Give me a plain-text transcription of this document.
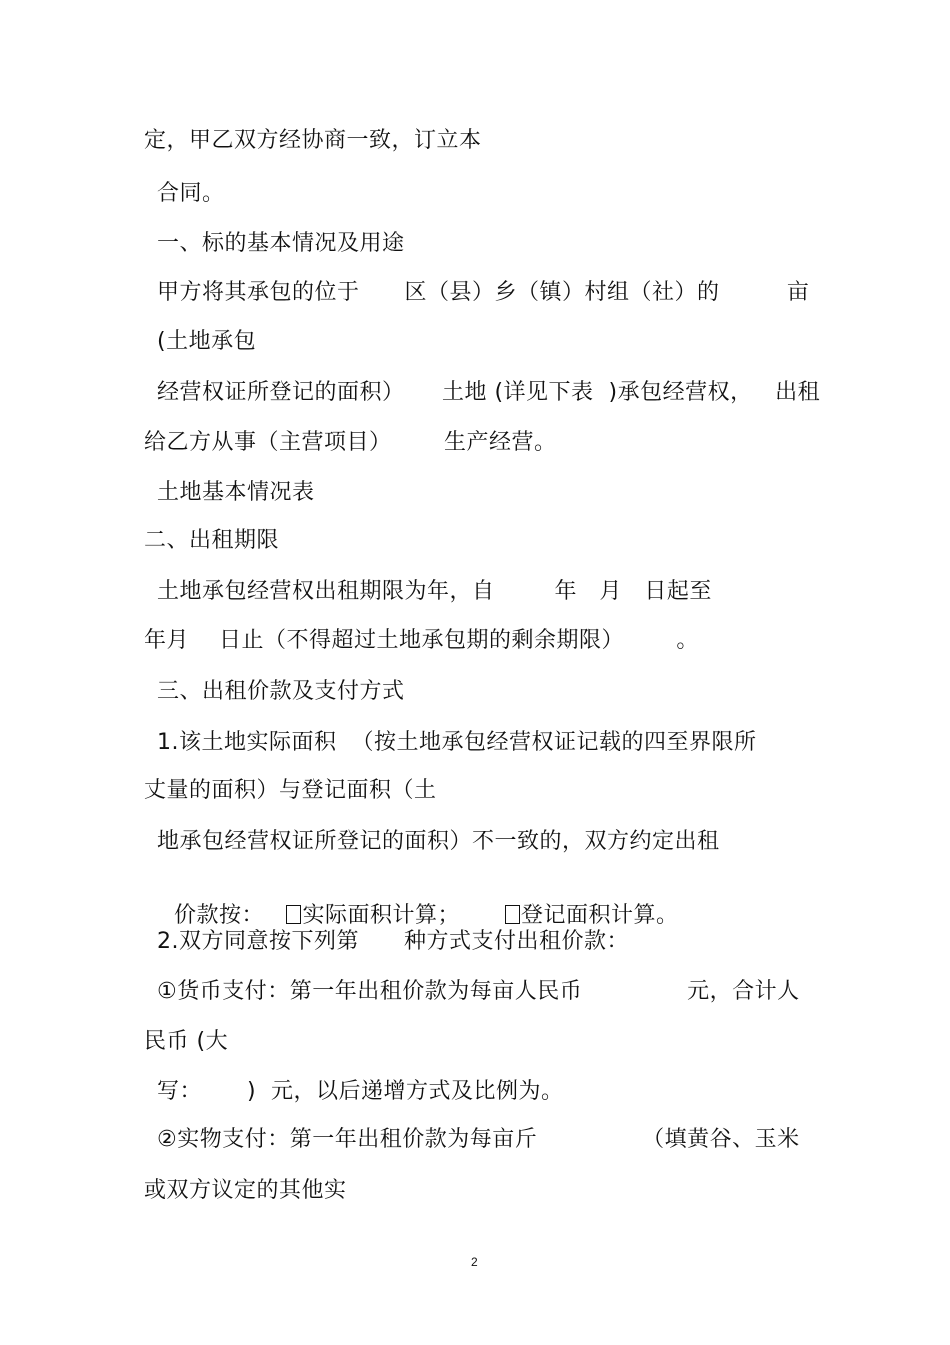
定，甲乙双方经协商一致，订立本
合同。
一、标的基本情况及用途
甲方将其承包的位于      区（县）乡（镇）村组（社）的         亩
(土地承包
经营权证所登记的面积）     土地 (详见下表  )承包经营权，   出租
给乙方从事（主营项目）       生产经营。
土地基本情况表
二、出租期限
土地承包经营权出租期限为年，自        年   月   日起至
年月    日止（不得超过土地承包期的剩余期限）       。
三、出租价款及支付方式
1.该土地实际面积  （按土地承包经营权证记载的四至界限所
丈量的面积）与登记面积（土
地承包经营权证所登记的面积）不一致的，双方约定出租

价款按： 实际面积计算；	登记面积计算。

2.双方同意按下列第      种方式支付出租价款：
①货币支付：第一年出租价款为每亩人民币              元，合计人
民币 (大
写：      )  元，以后递增方式及比例为。
②实物支付：第一年出租价款为每亩斤              （填黄谷、玉米
或双方议定的其他实
2
